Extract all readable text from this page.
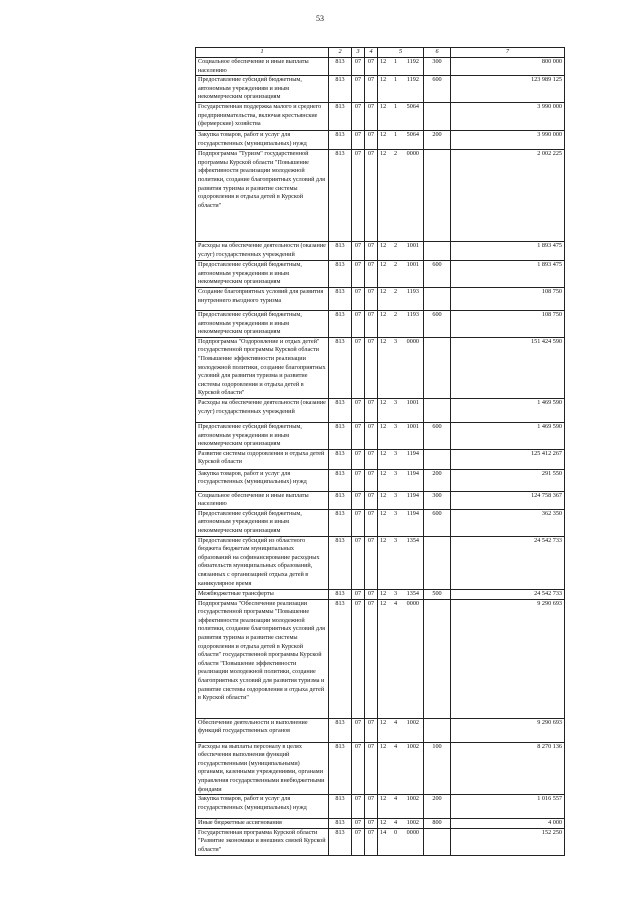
53
1	2	3	4	5	6	7
Социальное обеспечение и иные выплаты населению	813	07	07	12 1 1192	300	800 000
Предоставление субсидий бюджетным, автономным учреждениям и иным некоммерческим организациям	813	07	07	12 1 1192	600	123 989 125
Государственная поддержка малого и среднего предпринимательства, включая крестьянские (фермерские) хозяйства	813	07	07	12 1 5064		3 990 000
Закупка товаров, работ и услуг для государственных (муниципальных) нужд	813	07	07	12 1 5064	200	3 990 000
Подпрограмма "Туризм" государственной программы Курской области "Повышение эффективности реализации молодежной политики, создание благоприятных условий для развития туризма и развитие системы оздоровления и отдыха детей в Курской области"	813	07	07	12 2 0000		2 002 225
Расходы на обеспечение деятельности (оказание услуг) государственных учреждений	813	07	07	12 2 1001		1 893 475
Предоставление субсидий бюджетным, автономным учреждениям и иным некоммерческим организациям	813	07	07	12 2 1001	600	1 893 475
Создание благоприятных условий для развития внутреннего въездного туризма	813	07	07	12 2 1193		108 750
Предоставление субсидий бюджетным, автономным учреждениям и иным некоммерческим организациям	813	07	07	12 2 1193	600	108 750
Подпрограмма "Оздоровление и отдых детей" государственной программы Курской области "Повышение эффективности реализации молодежной политики, создание благоприятных условий для развития туризма и развитие системы оздоровления и отдыха детей в Курской области"	813	07	07	12 3 0000		151 424 590
Расходы на обеспечение деятельности (оказание услуг) государственных учреждений	813	07	07	12 3 1001		1 469 590
Предоставление субсидий бюджетным, автономным учреждениям и иным некоммерческим организациям	813	07	07	12 3 1001	600	1 469 590
Развитие системы оздоровления и отдыха детей Курской области	813	07	07	12 3 1194		125 412 267
Закупка товаров, работ и услуг для государственных (муниципальных) нужд	813	07	07	12 3 1194	200	291 550
Социальное обеспечение и иные выплаты населению	813	07	07	12 3 1194	300	124 758 367
Предоставление субсидий бюджетным, автономным учреждениям и иным некоммерческим организациям	813	07	07	12 3 1194	600	362 350
Предоставление субсидий из областного бюджета бюджетам муниципальных образований на софинансирование расходных обязательств муниципальных образований, связанных с организацией отдыха детей в каникулярное время	813	07	07	12 3 1354		24 542 733
Межбюджетные трансферты	813	07	07	12 3 1354	500	24 542 733
Подпрограмма "Обеспечение реализации государственной программы "Повышение эффективности реализации молодежной политики, создание благоприятных условий для развития туризма и развитие системы оздоровления и отдыха детей в Курской области" государственной программы Курской области "Повышение эффективности реализации молодежной политики, создание благоприятных условий для развития туризма и развитие системы оздоровления и отдыха детей в Курской области"	813	07	07	12 4 0000		9 290 693
Обеспечение деятельности и выполнение функций государственных органов	813	07	07	12 4 1002		9 290 693
Расходы на выплаты персоналу в целях обеспечения выполнения функций государственными (муниципальными) органами, казенными учреждениями, органами управления государственными внебюджетными фондами	813	07	07	12 4 1002	100	8 270 136
Закупка товаров, работ и услуг для государственных (муниципальных) нужд	813	07	07	12 4 1002	200	1 016 557
Иные бюджетные ассигнования	813	07	07	12 4 1002	800	4 000
Государственная программа Курской области "Развитие экономики и внешних связей Курской области"	813	07	07	14 0 0000		152 250
